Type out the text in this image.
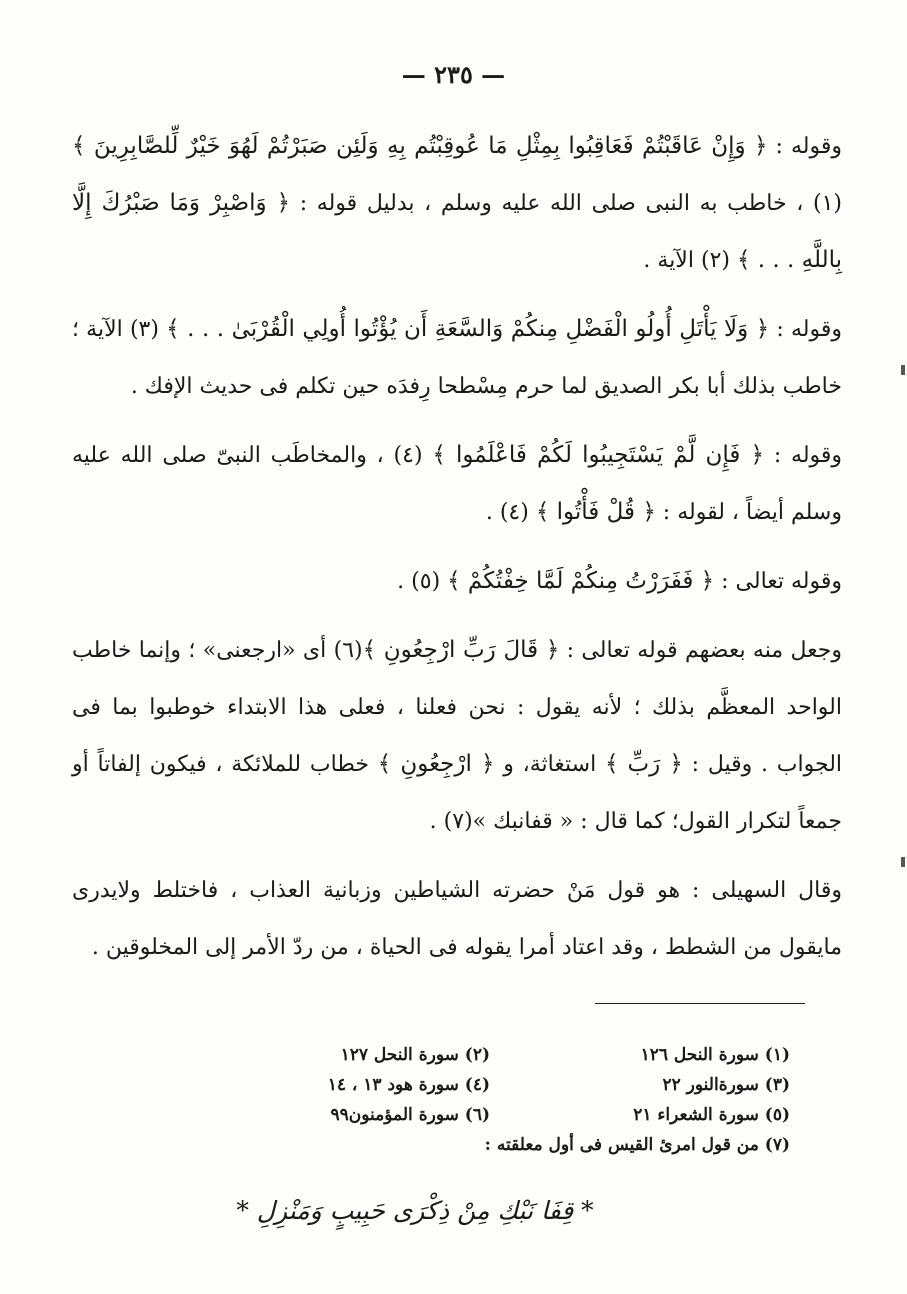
— ٢٣٥ —

وقوله : ﴿ وَإِنْ عَاقَبْتُمْ فَعَاقِبُوا بِمِثْلِ مَا عُوقِبْتُم بِهِ وَلَئِن صَبَرْتُمْ لَهُوَ خَيْرٌ لِّلصَّابِرِينَ ﴾ (١) ، خاطب به النبى صلى الله عليه وسلم ، بدليل قوله : ﴿ وَاصْبِرْ وَمَا صَبْرُكَ إِلَّا بِاللَّهِ . . . ﴾ (٢) الآية .

وقوله : ﴿ وَلَا يَأْتَلِ أُولُو الْفَضْلِ مِنكُمْ وَالسَّعَةِ أَن يُؤْتُوا أُولِي الْقُرْبَىٰ . . . ﴾ (٣) الآية ؛ خاطب بذلك أبا بكر الصديق لما حرم مِسْطحا رِفدَه حين تكلم فى حديث الإفك .

وقوله : ﴿ فَإِن لَّمْ يَسْتَجِيبُوا لَكُمْ فَاعْلَمُوا ﴾ (٤) ، والمخاطَب النبىّ صلى الله عليه وسلم أيضاً ، لقوله : ﴿ قُلْ فَأْتُوا ﴾ (٤) .

وقوله تعالى : ﴿ فَفَرَرْتُ مِنكُمْ لَمَّا خِفْتُكُمْ ﴾ (٥) .

وجعل منه بعضهم قوله تعالى : ﴿ قَالَ رَبِّ ارْجِعُونِ ﴾(٦) أى «ارجعنى» ؛ وإنما خاطب الواحد المعظَّم بذلك ؛ لأنه يقول : نحن فعلنا ، فعلى هذا الابتداء خوطبوا بما فى الجواب . وقيل : ﴿ رَبِّ ﴾ استغاثة، و ﴿ ارْجِعُونِ ﴾ خطاب للملائكة ، فيكون إلفاتاً أو جمعاً لتكرار القول؛ كما قال : « قفانبك »(٧) .

وقال السهيلى : هو قول مَنْ حضرته الشياطين وزبانية العذاب ، فاختلط ولايدرى مايقول من الشطط ، وقد اعتاد أمرا يقوله فى الحياة ، من ردّ الأمر إلى المخلوقين .

(١) سورة النحل ١٢٦
(٢) سورة النحل ١٢٧
(٣) سورةالنور ٢٢
(٤) سورة هود ١٣ ، ١٤
(٥) سورة الشعراء ٢١
(٦) سورة المؤمنون٩٩
(٧) من قول امرئ القيس فى أول معلقته :
* قِفَا نَبْكِ مِنْ ذِكْرَى حَبِيبٍ وَمَنْزِلِ *
